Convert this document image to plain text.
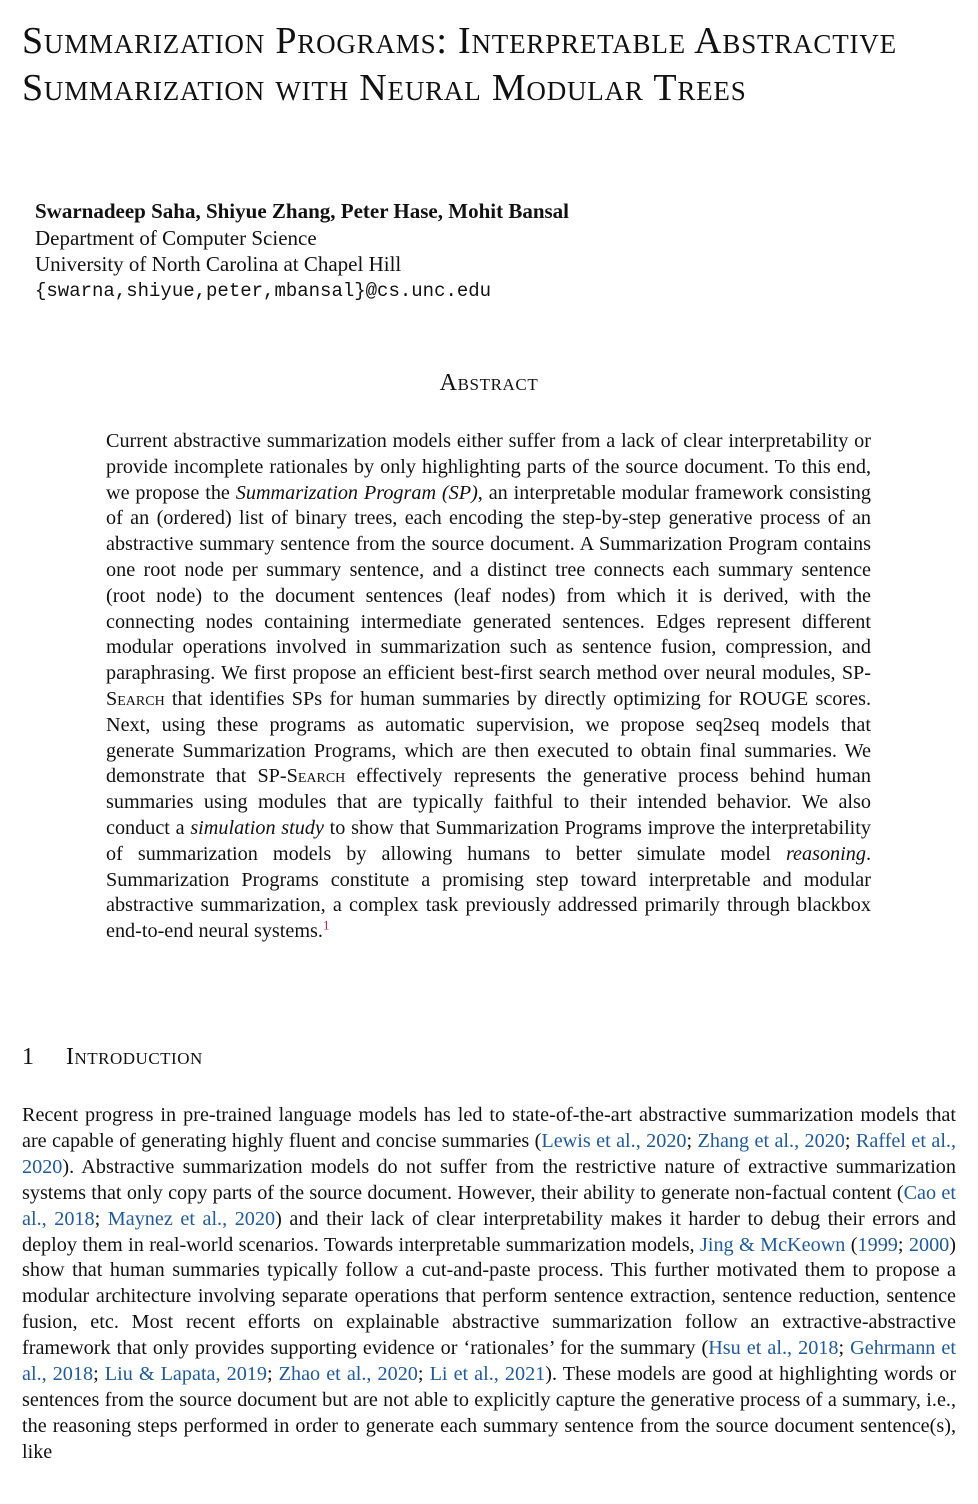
Summarization Programs: Interpretable Abstractive Summarization with Neural Modular Trees
Swarnadeep Saha, Shiyue Zhang, Peter Hase, Mohit Bansal
Department of Computer Science
University of North Carolina at Chapel Hill
{swarna,shiyue,peter,mbansal}@cs.unc.edu
Abstract

Current abstractive summarization models either suffer from a lack of clear interpretability or provide incomplete rationales by only highlighting parts of the source document. To this end, we propose the Summarization Program (SP), an interpretable modular framework consisting of an (ordered) list of binary trees, each encoding the step-by-step generative process of an abstractive summary sentence from the source document. A Summarization Program contains one root node per summary sentence, and a distinct tree connects each summary sentence (root node) to the document sentences (leaf nodes) from which it is derived, with the connecting nodes containing intermediate generated sentences. Edges represent different modular operations involved in summarization such as sentence fusion, compression, and paraphrasing. We first propose an efficient best-first search method over neural modules, SP-Search that identifies SPs for human summaries by directly optimizing for ROUGE scores. Next, using these programs as automatic supervision, we propose seq2seq models that generate Summarization Programs, which are then executed to obtain final summaries. We demonstrate that SP-Search effectively represents the generative process behind human summaries using modules that are typically faithful to their intended behavior. We also conduct a simulation study to show that Summarization Programs improve the interpretability of summarization models by allowing humans to better simulate model reasoning. Summarization Programs constitute a promising step toward interpretable and modular abstractive summarization, a complex task previously addressed primarily through blackbox end-to-end neural systems.$^1$

1 Introduction

Recent progress in pre-trained language models has led to state-of-the-art abstractive summarization models that are capable of generating highly fluent and concise summaries (Lewis et al., 2020; Zhang et al., 2020; Raffel et al., 2020). Abstractive summarization models do not suffer from the restrictive nature of extractive summarization systems that only copy parts of the source document. However, their ability to generate non-factual content (Cao et al., 2018; Maynez et al., 2020) and their lack of clear interpretability makes it harder to debug their errors and deploy them in real-world scenarios. Towards interpretable summarization models, Jing & McKeown (1999; 2000) show that human summaries typically follow a cut-and-paste process. This further motivated them to propose a modular architecture involving separate operations that perform sentence extraction, sentence reduction, sentence fusion, etc. Most recent efforts on explainable abstractive summarization follow an extractive-abstractive framework that only provides supporting evidence or ‘rationales’ for the summary (Hsu et al., 2018; Gehrmann et al., 2018; Liu & Lapata, 2019; Zhao et al., 2020; Li et al., 2021). These models are good at highlighting words or sentences from the source document but are not able to explicitly capture the generative process of a summary, i.e., the reasoning steps performed in order to generate each summary sentence from the source document sentence(s), like
